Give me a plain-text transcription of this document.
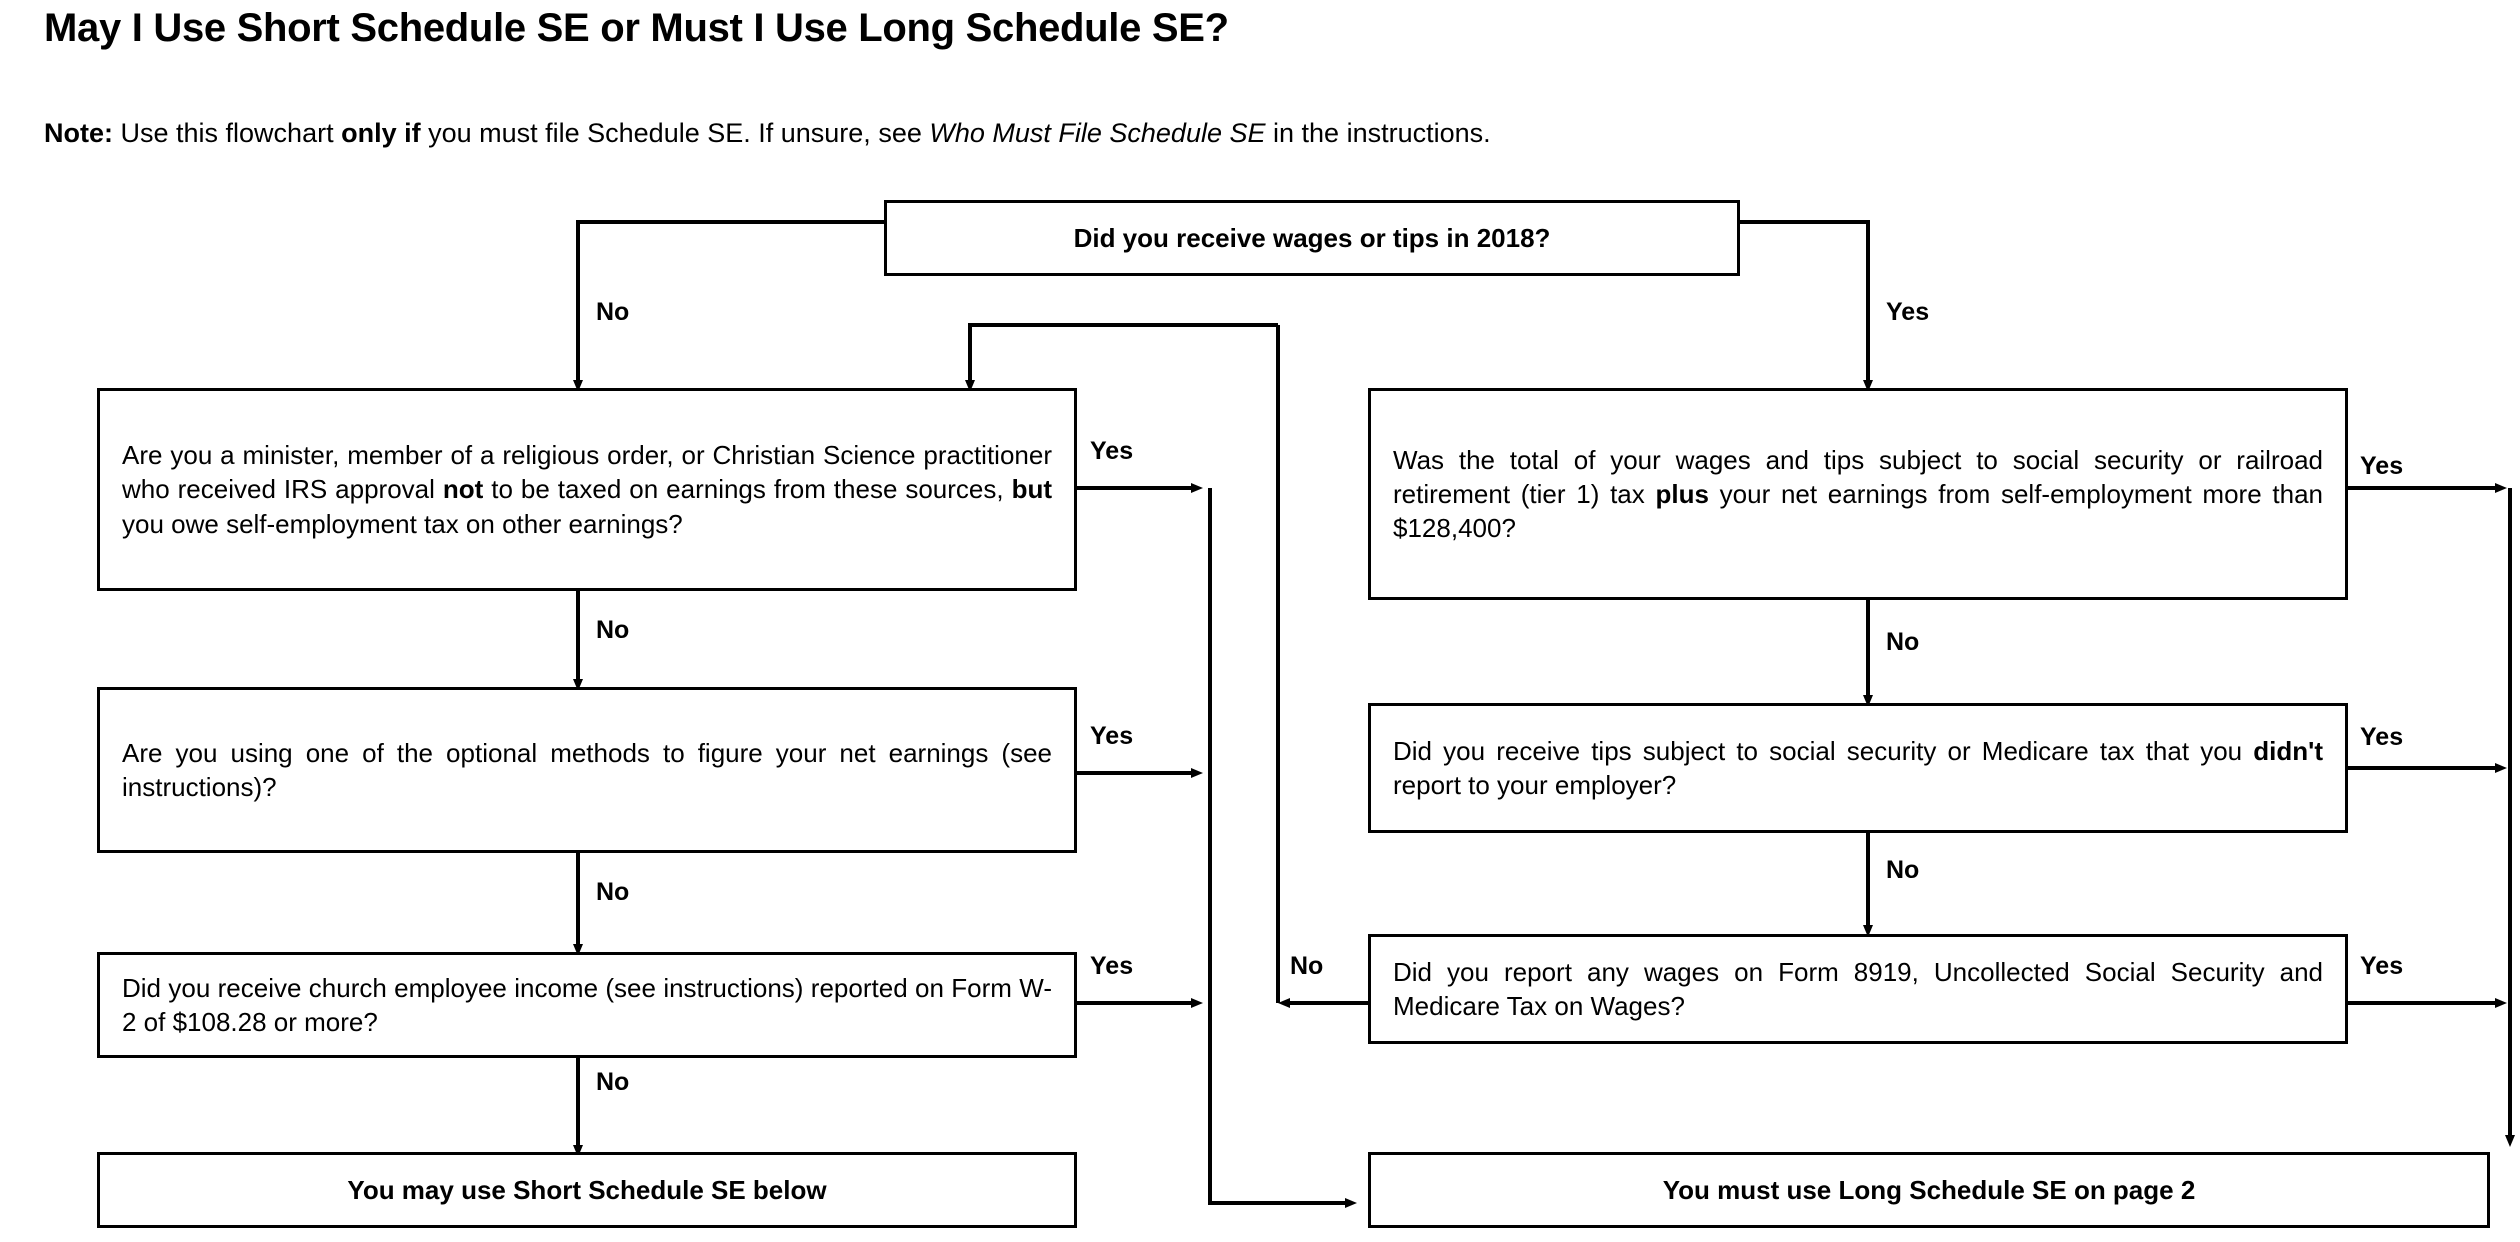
May I Use Short Schedule SE or Must I Use Long Schedule SE?
Note: Use this flowchart only if you must file Schedule SE. If unsure, see Who Must File Schedule SE in the instructions.
Did you receive wages or tips in 2018?
Are you a minister, member of a religious order, or Christian Science practitioner who received IRS approval not to be taxed on earnings from these sources, but you owe self-employment tax on other earnings?
Are you using one of the optional methods to figure your net earnings (see instructions)?
Did you receive church employee income (see instructions) reported on Form W-2 of $108.28 or more?
You may use Short Schedule SE below
Was the total of your wages and tips subject to social security or railroad retirement (tier 1) tax plus your net earnings from self-employment more than $128,400?
Did you receive tips subject to social security or Medicare tax that you didn't report to your employer?
Did you report any wages on Form 8919, Uncollected Social Security and Medicare Tax on Wages?
You must use Long Schedule SE on page 2
No	Yes
Yes
No
Yes
No
Yes
No
Yes
No
Yes
No
Yes
No
